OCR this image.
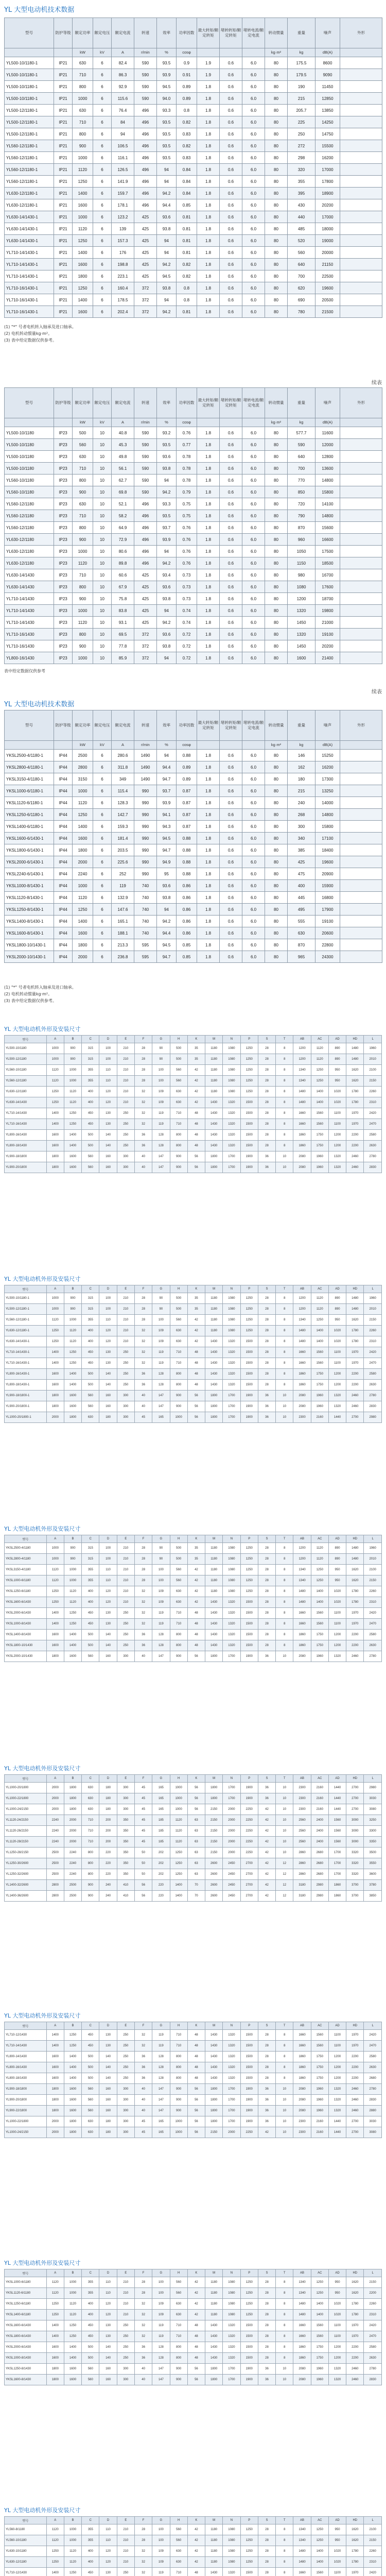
YL 大型电动机技术数据
型号	防护等级	额定功率	额定电压	额定电流	转速	效率	功率因数	最大转矩/额定转矩	堵转转矩/额定转矩	堵转电流/额定电流	转动惯量	重量	噪声	外形
		kW	kV	A	r/min	%	cosφ				kg·m²	kg	dB(A)	
YL500-10/1180-1	IP21	630	6	82.4	590	93.5	0.9	1.9	0.6	6.0	80	175.5	8600	
YL500-10/1180-1	IP21	710	6	86.3	590	93.9	0.91	1.9	0.6	6.0	80	179.5	9090	
YL500-10/1180-1	IP21	800	6	92.9	590	94.5	0.89	1.8	0.6	6.0	80	190	11450	
YL500-10/1180-1	IP21	1000	6	115.6	590	94.0	0.89	1.8	0.6	6.0	80	215	12850	
YL500-12/1180-1	IP21	630	6	76.4	496	93.3	0.8	1.8	0.6	6.0	80	205.7	13850	
YL500-12/1180-1	IP21	710	6	84	496	93.5	0.82	1.8	0.6	6.0	80	225	14250	
YL500-12/1180-1	IP21	800	6	94	496	93.5	0.83	1.8	0.6	6.0	80	250	14750	
YL560-12/1180-1	IP21	900	6	106.5	496	93.5	0.82	1.8	0.6	6.0	80	272	15500	
YL560-12/1180-1	IP21	1000	6	116.1	496	93.5	0.83	1.8	0.6	6.0	80	298	16200	
YL560-12/1180-1	IP21	1120	6	126.5	496	94	0.84	1.8	0.6	6.0	80	320	17000	
YL560-12/1180-1	IP21	1250	6	141.9	496	94	0.84	1.8	0.6	6.0	80	355	17800	
YL630-12/1180-1	IP21	1400	6	159.7	496	94.2	0.84	1.8	0.6	6.0	80	395	18900	
YL630-12/1180-1	IP21	1600	6	178.1	496	94.4	0.85	1.8	0.6	6.0	80	430	20200	
YL630-14/1430-1	IP21	1000	6	123.2	425	93.6	0.81	1.8	0.6	6.0	80	440	17000	
YL630-14/1430-1	IP21	1120	6	139	425	93.8	0.81	1.8	0.6	6.0	80	485	18000	
YL630-14/1430-1	IP21	1250	6	157.3	425	94	0.81	1.8	0.6	6.0	80	520	19000	
YL710-14/1430-1	IP21	1400	6	176	425	94	0.81	1.8	0.6	6.0	80	560	20000	
YL710-14/1430-1	IP21	1600	6	198.8	425	94.2	0.82	1.8	0.6	6.0	80	640	21150	
YL710-14/1430-1	IP21	1800	6	223.1	425	94.5	0.82	1.8	0.6	6.0	80	700	22500	
YL710-16/1430-1	IP21	1250	6	160.4	372	93.8	0.8	1.8	0.6	6.0	80	620	19600	
YL710-16/1430-1	IP21	1400	6	178.5	372	94	0.8	1.8	0.6	6.0	80	690	20500	
YL710-16/1430-1	IP21	1600	6	202.4	372	94.2	0.81	1.8	0.6	6.0	80	780	21500	
(1) "*" 号者电机转入轴承及进口轴承。
(2) 电机转动惯量kg·m²。
(3) 表中给定数据仅供参考。
续表
型号	防护等级	额定功率	额定电压	额定电流	转速	效率	功率因数	最大转矩/额定转矩	堵转转矩/额定转矩	堵转电流/额定电流	转动惯量	重量	噪声	外形
		kW	kV	A	r/min	%	cosφ				kg·m²	kg	dB(A)	
YL500-10/1180	IP23	500	10	40.8	590	93.2	0.76	1.8	0.6	6.0	80	577.7	11600	
YL500-10/1180	IP23	560	10	45.3	590	93.5	0.77	1.8	0.6	6.0	80	590	12000	
YL500-10/1180	IP23	630	10	49.8	590	93.6	0.78	1.8	0.6	6.0	80	640	12800	
YL500-10/1180	IP23	710	10	56.1	590	93.8	0.78	1.8	0.6	6.0	80	700	13600	
YL560-10/1180	IP23	800	10	62.7	590	94	0.78	1.8	0.6	6.0	80	770	14800	
YL560-10/1180	IP23	900	10	69.8	590	94.2	0.79	1.8	0.6	6.0	80	850	15800	
YL560-12/1180	IP23	630	10	52.1	496	93.3	0.75	1.8	0.6	6.0	80	720	14100	
YL560-12/1180	IP23	710	10	58.2	496	93.5	0.75	1.8	0.6	6.0	80	790	14800	
YL560-12/1180	IP23	800	10	64.9	496	93.7	0.76	1.8	0.6	6.0	80	870	15600	
YL630-12/1180	IP23	900	10	72.9	496	93.9	0.76	1.8	0.6	6.0	80	960	16600	
YL630-12/1180	IP23	1000	10	80.6	496	94	0.76	1.8	0.6	6.0	80	1050	17500	
YL630-12/1180	IP23	1120	10	89.8	496	94.2	0.76	1.8	0.6	6.0	80	1150	18500	
YL630-14/1430	IP23	710	10	60.6	425	93.4	0.73	1.8	0.6	6.0	80	980	16700	
YL630-14/1430	IP23	800	10	67.9	425	93.6	0.73	1.8	0.6	6.0	80	1080	17600	
YL710-14/1430	IP23	900	10	75.8	425	93.8	0.73	1.8	0.6	6.0	80	1200	18700	
YL710-14/1430	IP23	1000	10	83.8	425	94	0.74	1.8	0.6	6.0	80	1320	19800	
YL710-14/1430	IP23	1120	10	93.1	425	94.2	0.74	1.8	0.6	6.0	80	1450	21000	
YL710-16/1430	IP23	800	10	69.5	372	93.6	0.72	1.8	0.6	6.0	80	1320	19100	
YL710-16/1430	IP23	900	10	77.8	372	93.8	0.72	1.8	0.6	6.0	80	1450	20200	
YL800-16/1430	IP23	1000	10	85.9	372	94	0.72	1.8	0.6	6.0	80	1600	21400	
表中给定数据仅供参考
续表
YL 大型电动机技术数据
型号	防护等级	额定功率	额定电压	额定电流	转速	效率	功率因数	最大转矩/额定转矩	堵转转矩/额定转矩	堵转电流/额定电流	转动惯量	重量	噪声	外形
		kW	kV	A	r/min	%	cosφ				kg·m²	kg	dB(A)	
YKSL2500-4/1180-1	IP44	2500	6	280.6	1490	94	0.88	1.8	0.6	6.0	80	146	15250	
YKSL2800-4/1180-1	IP44	2800	6	311.8	1490	94.4	0.89	1.8	0.6	6.0	80	162	16200	
YKSL3150-4/1180-1	IP44	3150	6	349	1490	94.7	0.89	1.8	0.6	6.0	80	180	17300	
YKSL1000-6/1180-1	IP44	1000	6	115.4	990	93.7	0.87	1.8	0.6	6.0	80	215	13250	
YKSL1120-6/1180-1	IP44	1120	6	128.3	990	93.9	0.87	1.8	0.6	6.0	80	240	14000	
YKSL1250-6/1180-1	IP44	1250	6	142.7	990	94.1	0.87	1.8	0.6	6.0	80	268	14800	
YKSL1400-6/1180-1	IP44	1400	6	159.3	990	94.3	0.87	1.8	0.6	6.0	80	300	15800	
YKSL1600-6/1430-1	IP44	1600	6	181.4	990	94.5	0.88	1.8	0.6	6.0	80	340	17100	
YKSL1800-6/1430-1	IP44	1800	6	203.5	990	94.7	0.88	1.8	0.6	6.0	80	385	18400	
YKSL2000-6/1430-1	IP44	2000	6	225.6	990	94.9	0.88	1.8	0.6	6.0	80	425	19600	
YKSL2240-6/1430-1	IP44	2240	6	252	990	95	0.88	1.8	0.6	6.0	80	475	20900	
YKSL1000-8/1430-1	IP44	1000	6	119	740	93.6	0.86	1.8	0.6	6.0	80	400	15900	
YKSL1120-8/1430-1	IP44	1120	6	132.9	740	93.8	0.86	1.8	0.6	6.0	80	445	16800	
YKSL1250-8/1430-1	IP44	1250	6	147.6	740	94	0.86	1.8	0.6	6.0	80	495	17900	
YKSL1400-8/1430-1	IP44	1400	6	165.1	740	94.2	0.86	1.8	0.6	6.0	80	555	19100	
YKSL1600-8/1430-1	IP44	1600	6	188.1	740	94.4	0.86	1.8	0.6	6.0	80	630	20600	
YKSL1800-10/1430-1	IP44	1800	6	213.3	595	94.5	0.85	1.8	0.6	6.0	80	870	22800	
YKSL2000-10/1430-1	IP44	2000	6	236.8	595	94.7	0.85	1.8	0.6	6.0	80	965	24300	
(1) "*" 号者电机转入轴承及进口轴承。
(2) 电机转动惯量kg·m²。
(3) 表中给定数据仅供参考。
YL 大型电动机外形及安装尺寸
型号	A	B	C	D	E	F	G	H	K	M	N	P	S	T	AB	AC	AD	HD	L
YL500-10/1180	1000	900	315	100	210	28	90	500	35	1180	1080	1250	28	8	1200	1120	890	1480	1960
YL500-12/1180	1000	900	315	100	210	28	90	500	35	1180	1080	1250	28	8	1200	1120	890	1480	2010
YL560-10/1180	1120	1000	355	110	210	28	100	560	42	1180	1080	1250	28	8	1340	1250	950	1620	2100
YL560-12/1180	1120	1000	355	110	210	28	100	560	42	1180	1080	1250	28	8	1340	1250	950	1620	2150
YL630-12/1180	1250	1120	400	120	210	32	109	630	42	1180	1080	1250	28	8	1480	1400	1020	1780	2260
YL630-14/1430	1250	1120	400	120	210	32	109	630	42	1430	1320	1500	28	8	1480	1400	1020	1780	2310
YL710-14/1430	1400	1250	450	130	250	32	119	710	48	1430	1320	1500	28	8	1660	1560	1100	1970	2420
YL710-16/1430	1400	1250	450	130	250	32	119	710	48	1430	1320	1500	28	8	1660	1560	1100	1970	2470
YL800-16/1430	1600	1400	500	140	250	36	128	800	48	1430	1320	1500	28	8	1860	1750	1200	2200	2580
YL800-18/1430	1600	1400	500	140	250	36	128	800	48	1430	1320	1500	28	8	1860	1750	1200	2200	2630
YL900-18/1800	1800	1600	560	160	300	40	147	900	56	1800	1700	1900	36	10	2080	1960	1320	2460	2780
YL900-20/1800	1800	1600	560	160	300	40	147	900	56	1800	1700	1900	36	10	2080	1960	1320	2460	2830
YL 大型电动机外形及安装尺寸
型号	A	B	C	D	E	F	G	H	K	M	N	P	S	T	AB	AC	AD	HD	L
YL500-10/1180-1	1000	900	315	100	210	28	90	500	35	1180	1080	1250	28	8	1200	1120	890	1480	1960
YL500-12/1180-1	1000	900	315	100	210	28	90	500	35	1180	1080	1250	28	8	1200	1120	890	1480	2010
YL560-12/1180-1	1120	1000	355	110	210	28	100	560	42	1180	1080	1250	28	8	1340	1250	950	1620	2150
YL630-12/1180-1	1250	1120	400	120	210	32	109	630	42	1180	1080	1250	28	8	1480	1400	1020	1780	2260
YL630-14/1430-1	1250	1120	400	120	210	32	109	630	42	1430	1320	1500	28	8	1480	1400	1020	1780	2310
YL710-14/1430-1	1400	1250	450	130	250	32	119	710	48	1430	1320	1500	28	8	1660	1560	1100	1970	2420
YL710-16/1430-1	1400	1250	450	130	250	32	119	710	48	1430	1320	1500	28	8	1660	1560	1100	1970	2470
YL800-16/1430-1	1600	1400	500	140	250	36	128	800	48	1430	1320	1500	28	8	1860	1750	1200	2200	2580
YL800-18/1430-1	1600	1400	500	140	250	36	128	800	48	1430	1320	1500	28	8	1860	1750	1200	2200	2630
YL900-18/1800-1	1800	1600	560	160	300	40	147	900	56	1800	1700	1900	36	10	2080	1960	1320	2460	2780
YL900-20/1800-1	1800	1600	560	160	300	40	147	900	56	1800	1700	1900	36	10	2080	1960	1320	2460	2830
YL1000-20/1800-1	2000	1800	630	180	300	45	165	1000	56	1800	1700	1900	36	10	2300	2160	1440	2700	2980
YL 大型电动机外形及安装尺寸
型号	A	B	C	D	E	F	G	H	K	M	N	P	S	T	AB	AC	AD	HD	L
YKSL2500-4/1180	1000	900	315	100	210	28	90	500	35	1180	1080	1250	28	8	1200	1120	890	1480	1960
YKSL2800-4/1180	1000	900	315	100	210	28	90	500	35	1180	1080	1250	28	8	1200	1120	890	1480	2010
YKSL3150-4/1180	1120	1000	355	110	210	28	100	560	42	1180	1080	1250	28	8	1340	1250	950	1620	2100
YKSL1000-6/1180	1120	1000	355	110	210	28	100	560	42	1180	1080	1250	28	8	1340	1250	950	1620	2150
YKSL1250-6/1180	1250	1120	400	120	210	32	109	630	42	1180	1080	1250	28	8	1480	1400	1020	1780	2260
YKSL1600-6/1430	1250	1120	400	120	210	32	109	630	42	1430	1320	1500	28	8	1480	1400	1020	1780	2310
YKSL2000-6/1430	1400	1250	450	130	250	32	119	710	48	1430	1320	1500	28	8	1660	1560	1100	1970	2420
YKSL1000-8/1430	1400	1250	450	130	250	32	119	710	48	1430	1320	1500	28	8	1660	1560	1100	1970	2470
YKSL1400-8/1430	1600	1400	500	140	250	36	128	800	48	1430	1320	1500	28	8	1860	1750	1200	2200	2580
YKSL1800-10/1430	1600	1400	500	140	250	36	128	800	48	1430	1320	1500	28	8	1860	1750	1200	2200	2630
YKSL2000-10/1430	1800	1600	560	160	300	40	147	900	56	1800	1700	1900	36	10	2080	1960	1320	2460	2780
YL 大型电动机外形及安装尺寸
型号	A	B	C	D	E	F	G	H	K	M	N	P	S	T	AB	AC	AD	HD	L
YL1000-20/1800	2000	1800	630	180	300	45	165	1000	56	1800	1700	1900	36	10	2300	2160	1440	2700	2980
YL1000-22/1800	2000	1800	630	180	300	45	165	1000	56	1800	1700	1900	36	10	2300	2160	1440	2700	3030
YL1000-24/2150	2000	1800	630	180	300	45	165	1000	56	2150	2000	2250	42	10	2300	2160	1440	2700	3080
YL1120-24/2150	2240	2000	710	200	350	45	185	1120	63	2150	2000	2250	42	10	2560	2400	1560	3000	3250
YL1120-26/2150	2240	2000	710	200	350	45	185	1120	63	2150	2000	2250	42	10	2560	2400	1560	3000	3300
YL1120-28/2150	2240	2000	710	200	350	45	185	1120	63	2150	2000	2250	42	10	2560	2400	1560	3000	3350
YL1250-28/2150	2500	2240	800	220	350	50	202	1250	63	2150	2000	2250	42	10	2860	2680	1700	3320	3500
YL1250-30/2600	2500	2240	800	220	350	50	202	1250	63	2600	2450	2700	42	12	2860	2680	1700	3320	3550
YL1250-32/2600	2500	2240	800	220	350	50	202	1250	63	2600	2450	2700	42	12	2860	2680	1700	3320	3600
YL1400-32/2600	2800	2500	900	240	410	56	220	1400	70	2600	2450	2700	42	12	3180	2980	1860	3700	3780
YL1400-36/2600	2800	2500	900	240	410	56	220	1400	70	2600	2450	2700	42	12	3180	2980	1860	3700	3850
YL 大型电动机外形及安装尺寸
型号	A	B	C	D	E	F	G	H	K	M	N	P	S	T	AB	AC	AD	HD	L
YL710-12/1430	1400	1250	450	130	250	32	119	710	48	1430	1320	1500	28	8	1660	1560	1100	1970	2420
YL710-14/1430	1400	1250	450	130	250	32	119	710	48	1430	1320	1500	28	8	1660	1560	1100	1970	2470
YL800-14/1430	1600	1400	500	140	250	36	128	800	48	1430	1320	1500	28	8	1860	1750	1200	2200	2580
YL800-16/1430	1600	1400	500	140	250	36	128	800	48	1430	1320	1500	28	8	1860	1750	1200	2200	2630
YL800-18/1430	1600	1400	500	140	250	36	128	800	48	1430	1320	1500	28	8	1860	1750	1200	2200	2680
YL900-18/1800	1800	1600	560	160	300	40	147	900	56	1800	1700	1900	36	10	2080	1960	1320	2460	2780
YL900-20/1800	1800	1600	560	160	300	40	147	900	56	1800	1700	1900	36	10	2080	1960	1320	2460	2830
YL900-22/1800	1800	1600	560	160	300	40	147	900	56	1800	1700	1900	36	10	2080	1960	1320	2460	2880
YL1000-22/1800	2000	1800	630	180	300	45	165	1000	56	1800	1700	1900	36	10	2300	2160	1440	2700	3030
YL1000-24/2150	2000	1800	630	180	300	45	165	1000	56	2150	2000	2250	42	10	2300	2160	1440	2700	3080
YL 大型电动机外形及安装尺寸
型号	A	B	C	D	E	F	G	H	K	M	N	P	S	T	AB	AC	AD	HD	L
YKSL1000-6/1180	1120	1000	355	110	210	28	100	560	42	1180	1080	1250	28	8	1340	1250	950	1620	2150
YKSL1120-6/1180	1120	1000	355	110	210	28	100	560	42	1180	1080	1250	28	8	1340	1250	950	1620	2200
YKSL1250-6/1180	1250	1120	400	120	210	32	109	630	42	1180	1080	1250	28	8	1480	1400	1020	1780	2260
YKSL1400-6/1180	1250	1120	400	120	210	32	109	630	42	1180	1080	1250	28	8	1480	1400	1020	1780	2310
YKSL1600-6/1430	1400	1250	450	130	250	32	119	710	48	1430	1320	1500	28	8	1660	1560	1100	1970	2420
YKSL1800-6/1430	1400	1250	450	130	250	32	119	710	48	1430	1320	1500	28	8	1660	1560	1100	1970	2470
YKSL2000-6/1430	1600	1400	500	140	250	36	128	800	48	1430	1320	1500	28	8	1860	1750	1200	2200	2580
YKSL1000-8/1430	1600	1400	500	140	250	36	128	800	48	1430	1320	1500	28	8	1860	1750	1200	2200	2630
YKSL1250-8/1430	1800	1600	560	160	300	40	147	900	56	1800	1700	1900	36	10	2080	1960	1320	2460	2780
YKSL1600-8/1430	1800	1600	560	160	300	40	147	900	56	1800	1700	1900	36	10	2080	1960	1320	2460	2830
YL 大型电动机外形及安装尺寸
型号	A	B	C	D	E	F	G	H	K	M	N	P	S	T	AB	AC	AD	HD	L
YL560-8/1180	1120	1000	355	110	210	28	100	560	42	1180	1080	1250	28	8	1340	1250	950	1620	2100
YL560-10/1180	1120	1000	355	110	210	28	100	560	42	1180	1080	1250	28	8	1340	1250	950	1620	2150
YL630-10/1180	1250	1120	400	120	210	32	109	630	42	1180	1080	1250	28	8	1480	1400	1020	1780	2260
YL630-12/1180	1250	1120	400	120	210	32	109	630	42	1180	1080	1250	28	8	1480	1400	1020	1780	2310
YL710-12/1430	1400	1250	450	130	250	32	119	710	48	1430	1320	1500	28	8	1660	1560	1100	1970	2420
